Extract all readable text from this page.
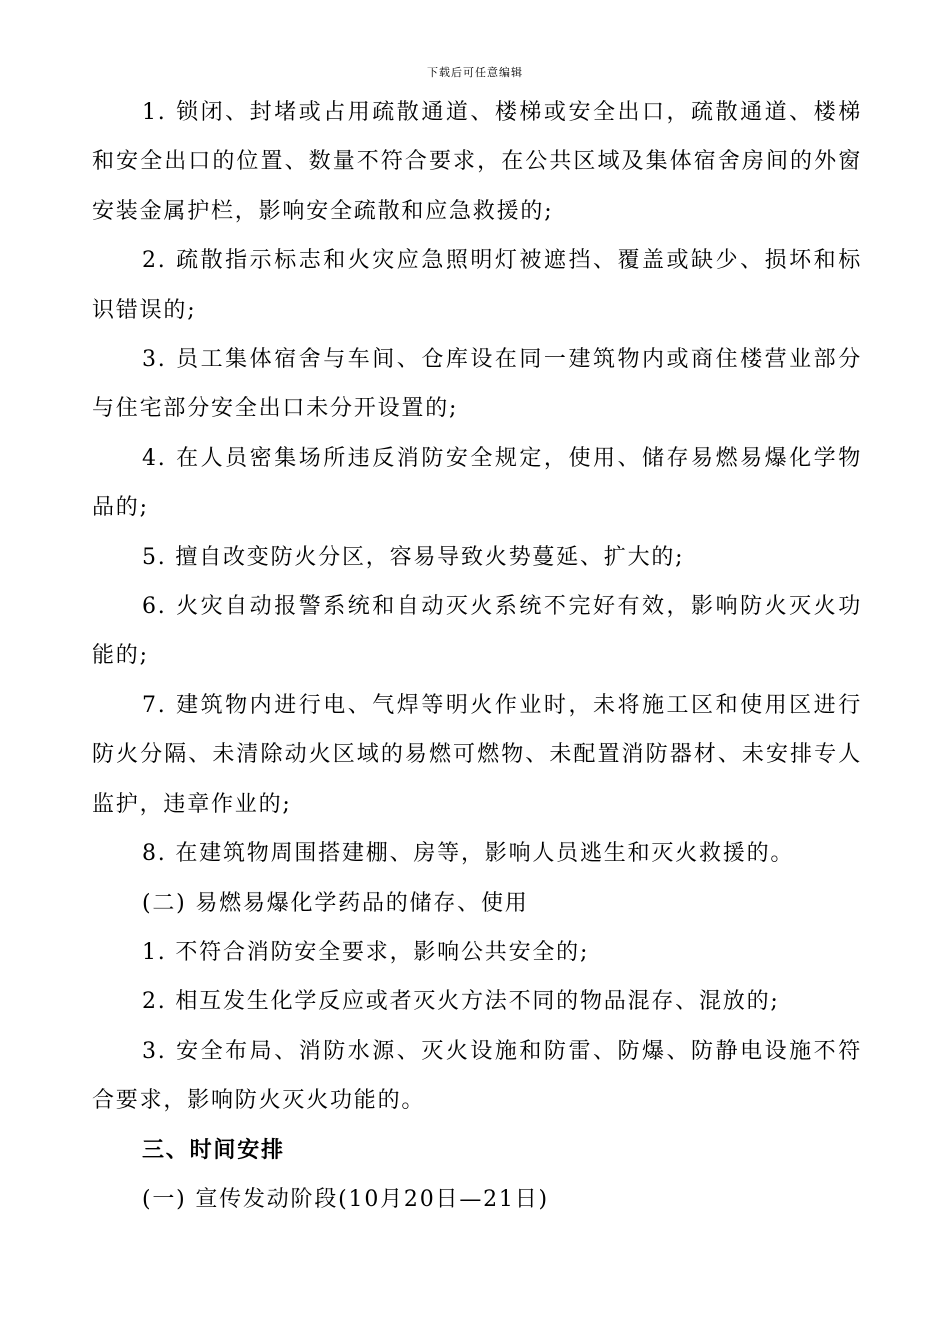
下载后可任意编辑

1. 锁闭、封堵或占用疏散通道、楼梯或安全出口，疏散通道、楼梯和安全出口的位置、数量不符合要求，在公共区域及集体宿舍房间的外窗安装金属护栏，影响安全疏散和应急救援的;

2. 疏散指示标志和火灾应急照明灯被遮挡、覆盖或缺少、损坏和标识错误的;

3. 员工集体宿舍与车间、仓库设在同一建筑物内或商住楼营业部分与住宅部分安全出口未分开设置的;

4. 在人员密集场所违反消防安全规定，使用、储存易燃易爆化学物品的;

5. 擅自改变防火分区，容易导致火势蔓延、扩大的;

6. 火灾自动报警系统和自动灭火系统不完好有效，影响防火灭火功能的;

7. 建筑物内进行电、气焊等明火作业时，未将施工区和使用区进行防火分隔、未清除动火区域的易燃可燃物、未配置消防器材、未安排专人监护，违章作业的;

8. 在建筑物周围搭建棚、房等，影响人员逃生和灭火救援的。

(二) 易燃易爆化学药品的储存、使用

1. 不符合消防安全要求，影响公共安全的;

2. 相互发生化学反应或者灭火方法不同的物品混存、混放的;

3. 安全布局、消防水源、灭火设施和防雷、防爆、防静电设施不符合要求，影响防火灭火功能的。

三、时间安排

(一) 宣传发动阶段(10月20日—21日)
